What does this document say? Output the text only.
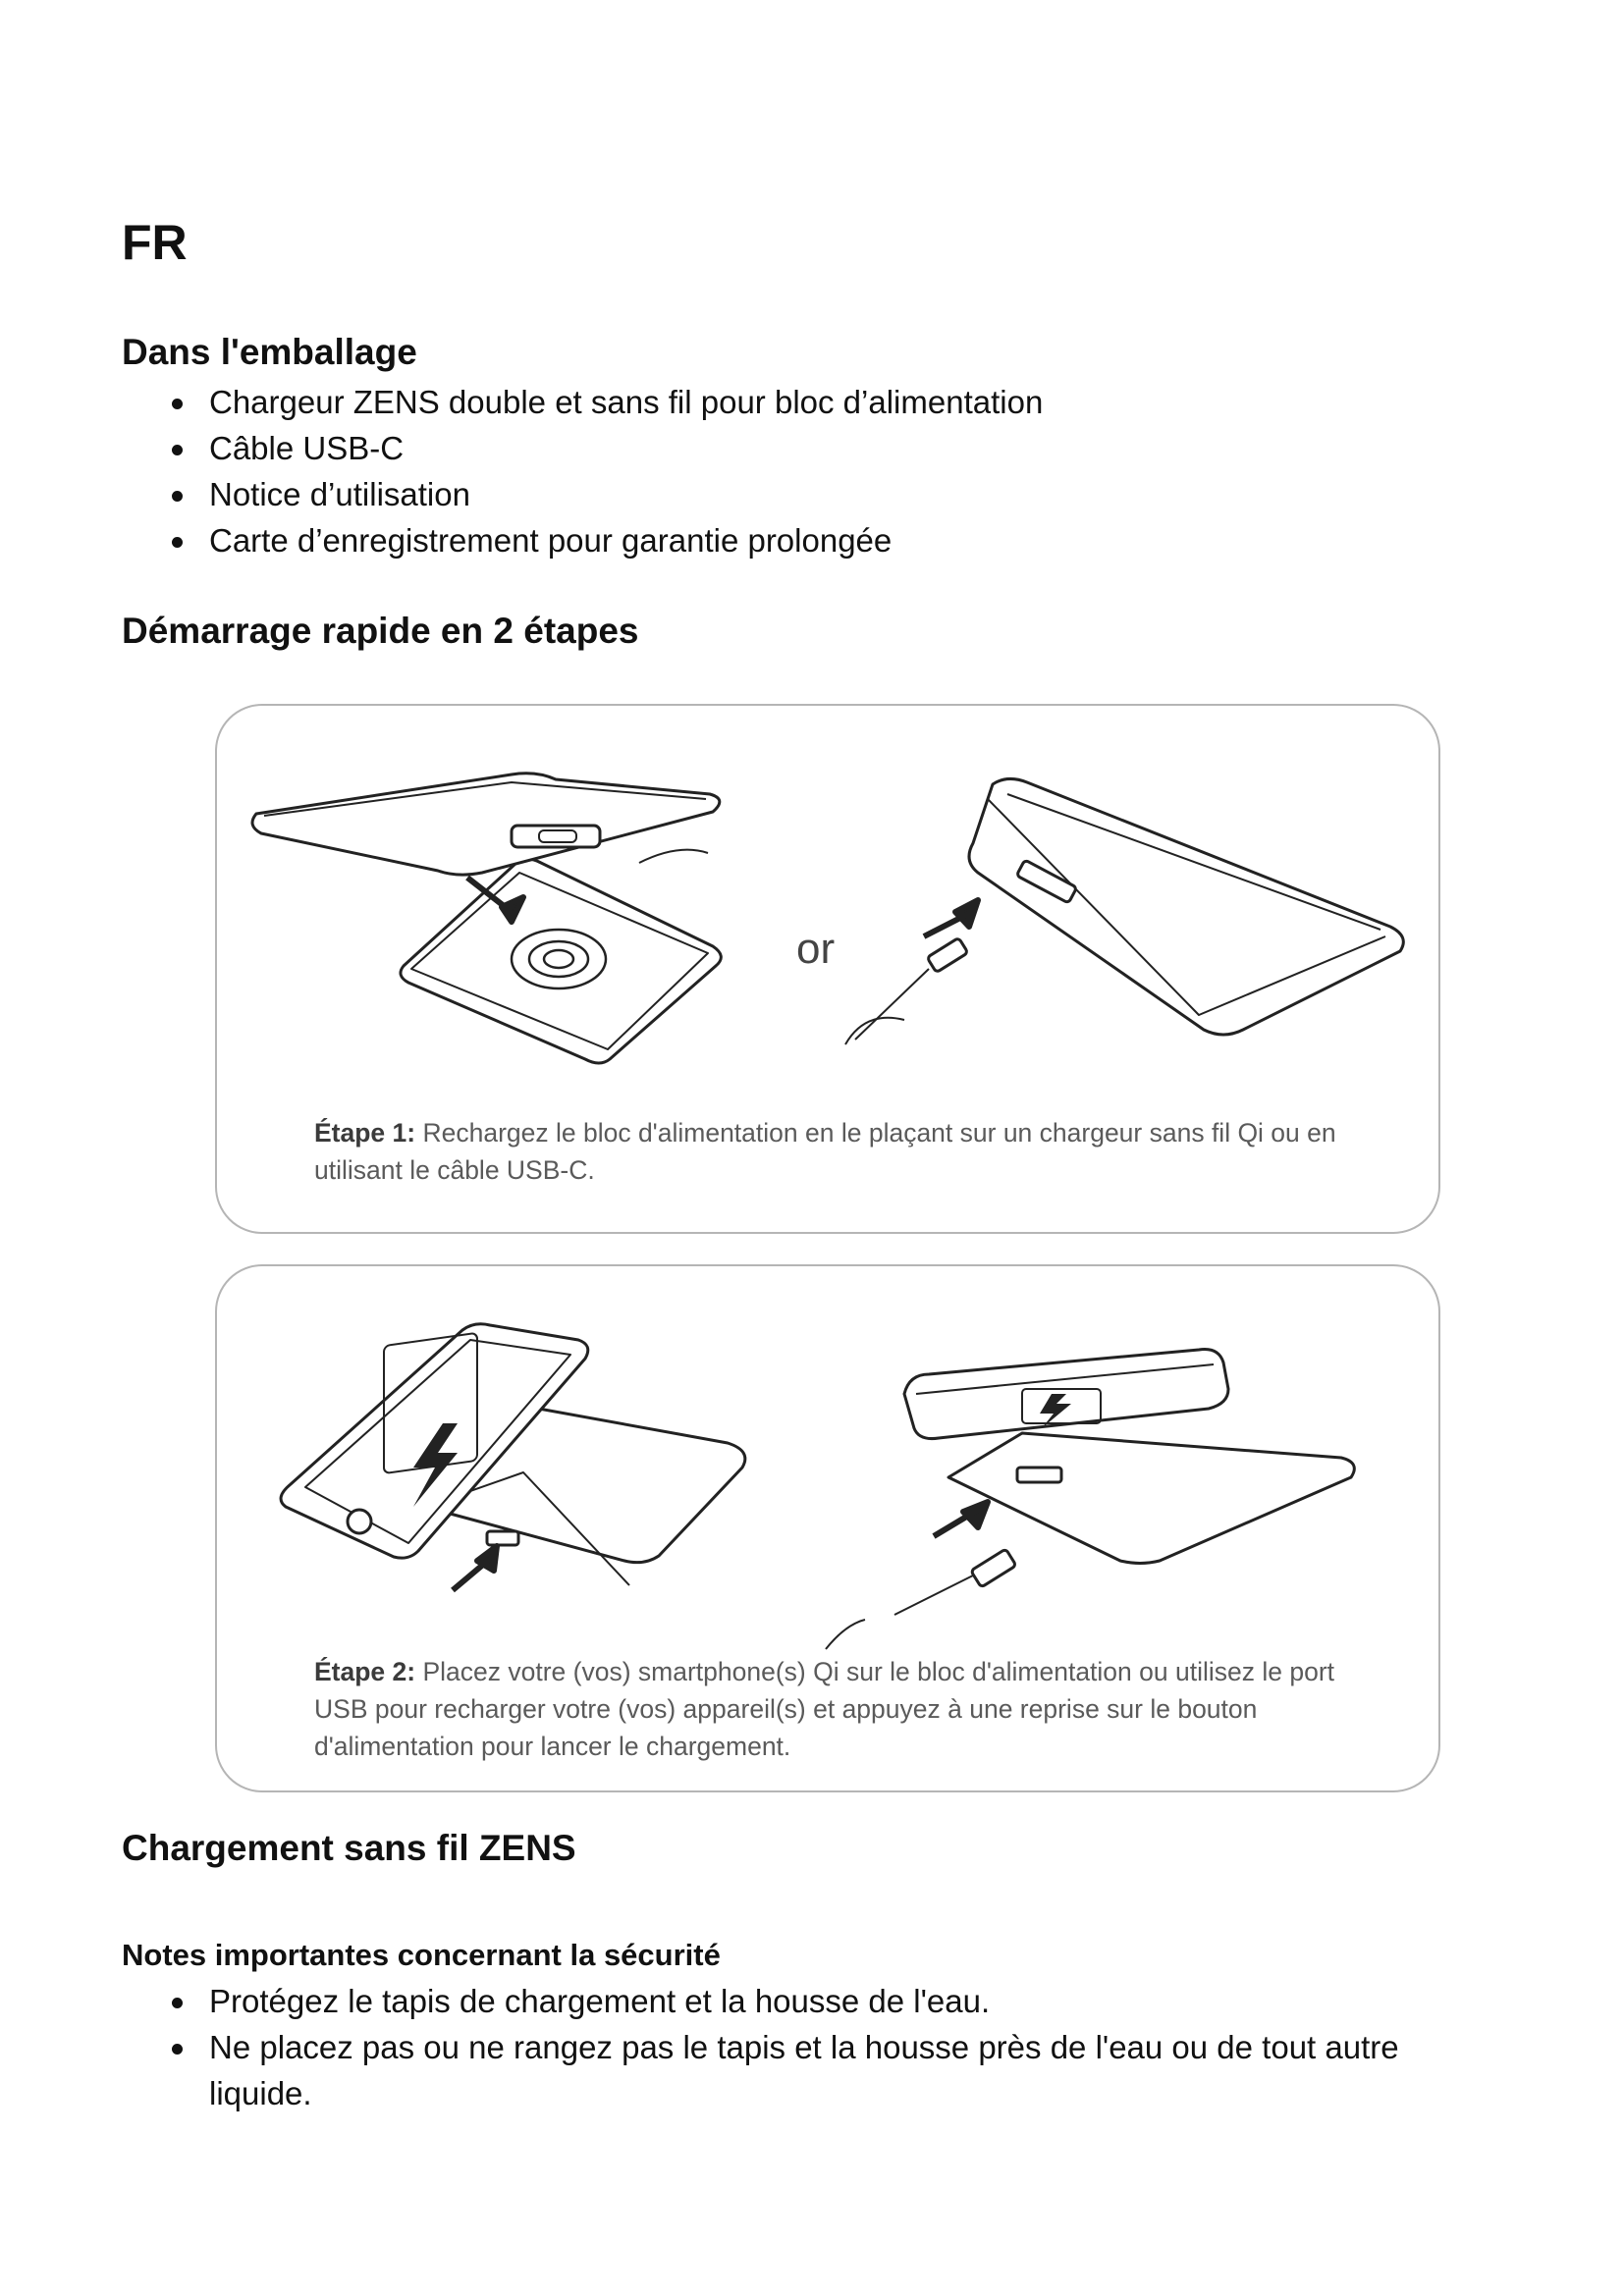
FR
Dans l'emballage
Chargeur ZENS double et sans fil pour bloc d’alimentation
Câble USB-C
Notice d’utilisation
Carte d’enregistrement pour garantie prolongée
Démarrage rapide en 2 étapes
or
Étape 1: Rechargez le bloc d'alimentation en le plaçant sur un chargeur sans fil Qi ou en utilisant le câble USB-C.
Étape 2: Placez votre (vos) smartphone(s) Qi sur le bloc d'alimentation ou utilisez le port USB pour recharger votre (vos) appareil(s) et appuyez à une reprise sur le bouton d'alimentation pour lancer le chargement.
Chargement sans fil ZENS
Notes importantes concernant la sécurité
Protégez le tapis de chargement et la housse de l'eau.
Ne placez pas ou ne rangez pas le tapis et la housse près de l'eau ou de tout autre liquide.
